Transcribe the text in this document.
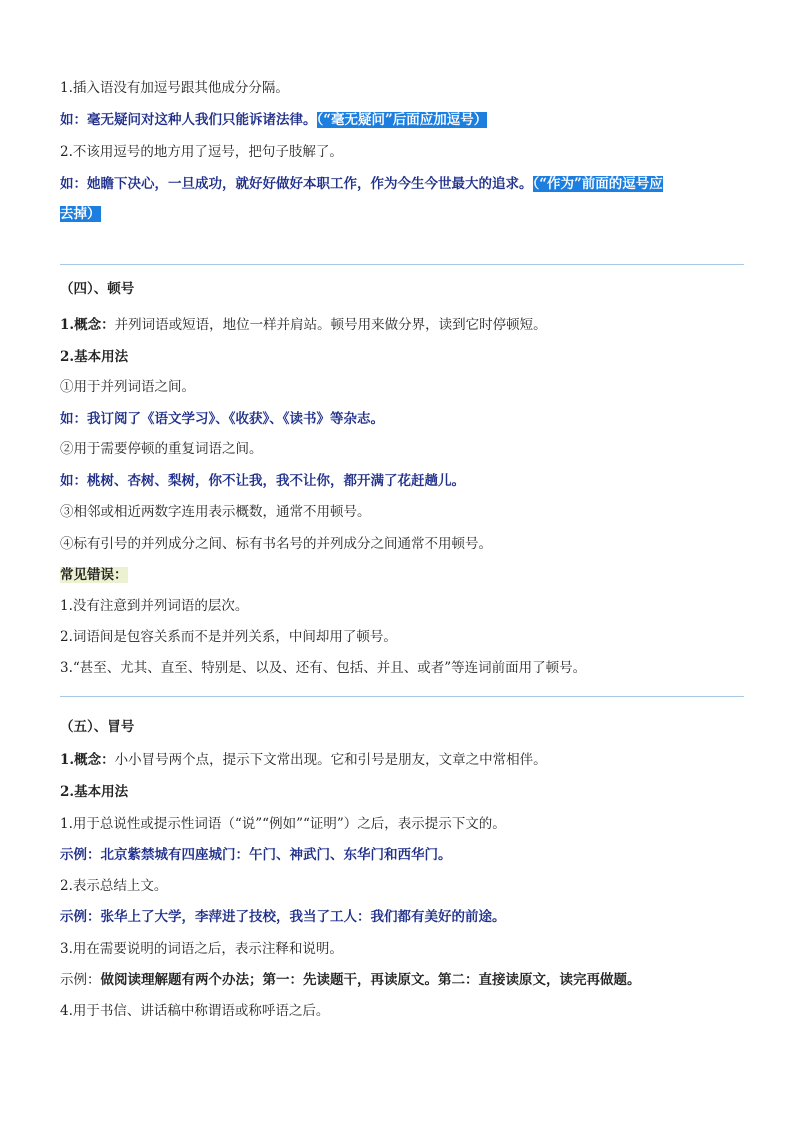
1.插入语没有加逗号跟其他成分分隔。
如：毫无疑问对这种人我们只能诉诸法律。（“毫无疑问”后面应加逗号）
2.不该用逗号的地方用了逗号，把句子肢解了。
如：她瞻下决心，一旦成功，就好好做好本职工作，作为今生今世最大的追求。（“作为”前面的逗号应
去掉）
（四）、顿号
1.概念：并列词语或短语，地位一样并肩站。顿号用来做分界，读到它时停顿短。
2.基本用法
①用于并列词语之间。
如：我订阅了《语文学习》、《收获》、《读书》等杂志。
②用于需要停顿的重复词语之间。
如：桃树、杏树、梨树，你不让我，我不让你，都开满了花赶趟儿。
③相邻或相近两数字连用表示概数，通常不用顿号。
④标有引号的并列成分之间、标有书名号的并列成分之间通常不用顿号。
常见错误：
1.没有注意到并列词语的层次。
2.词语间是包容关系而不是并列关系，中间却用了顿号。
3.“甚至、尤其、直至、特别是、以及、还有、包括、并且、或者”等连词前面用了顿号。
（五）、冒号
1.概念：小小冒号两个点，提示下文常出现。它和引号是朋友，文章之中常相伴。
2.基本用法
1.用于总说性或提示性词语（“说”“例如”“证明”）之后，表示提示下文的。
示例：北京紫禁城有四座城门：午门、神武门、东华门和西华门。
2.表示总结上文。
示例：张华上了大学，李萍进了技校，我当了工人：我们都有美好的前途。
3.用在需要说明的词语之后，表示注释和说明。
示例：做阅读理解题有两个办法；第一：先读题干，再读原文。第二：直接读原文，读完再做题。
4.用于书信、讲话稿中称谓语或称呼语之后。
